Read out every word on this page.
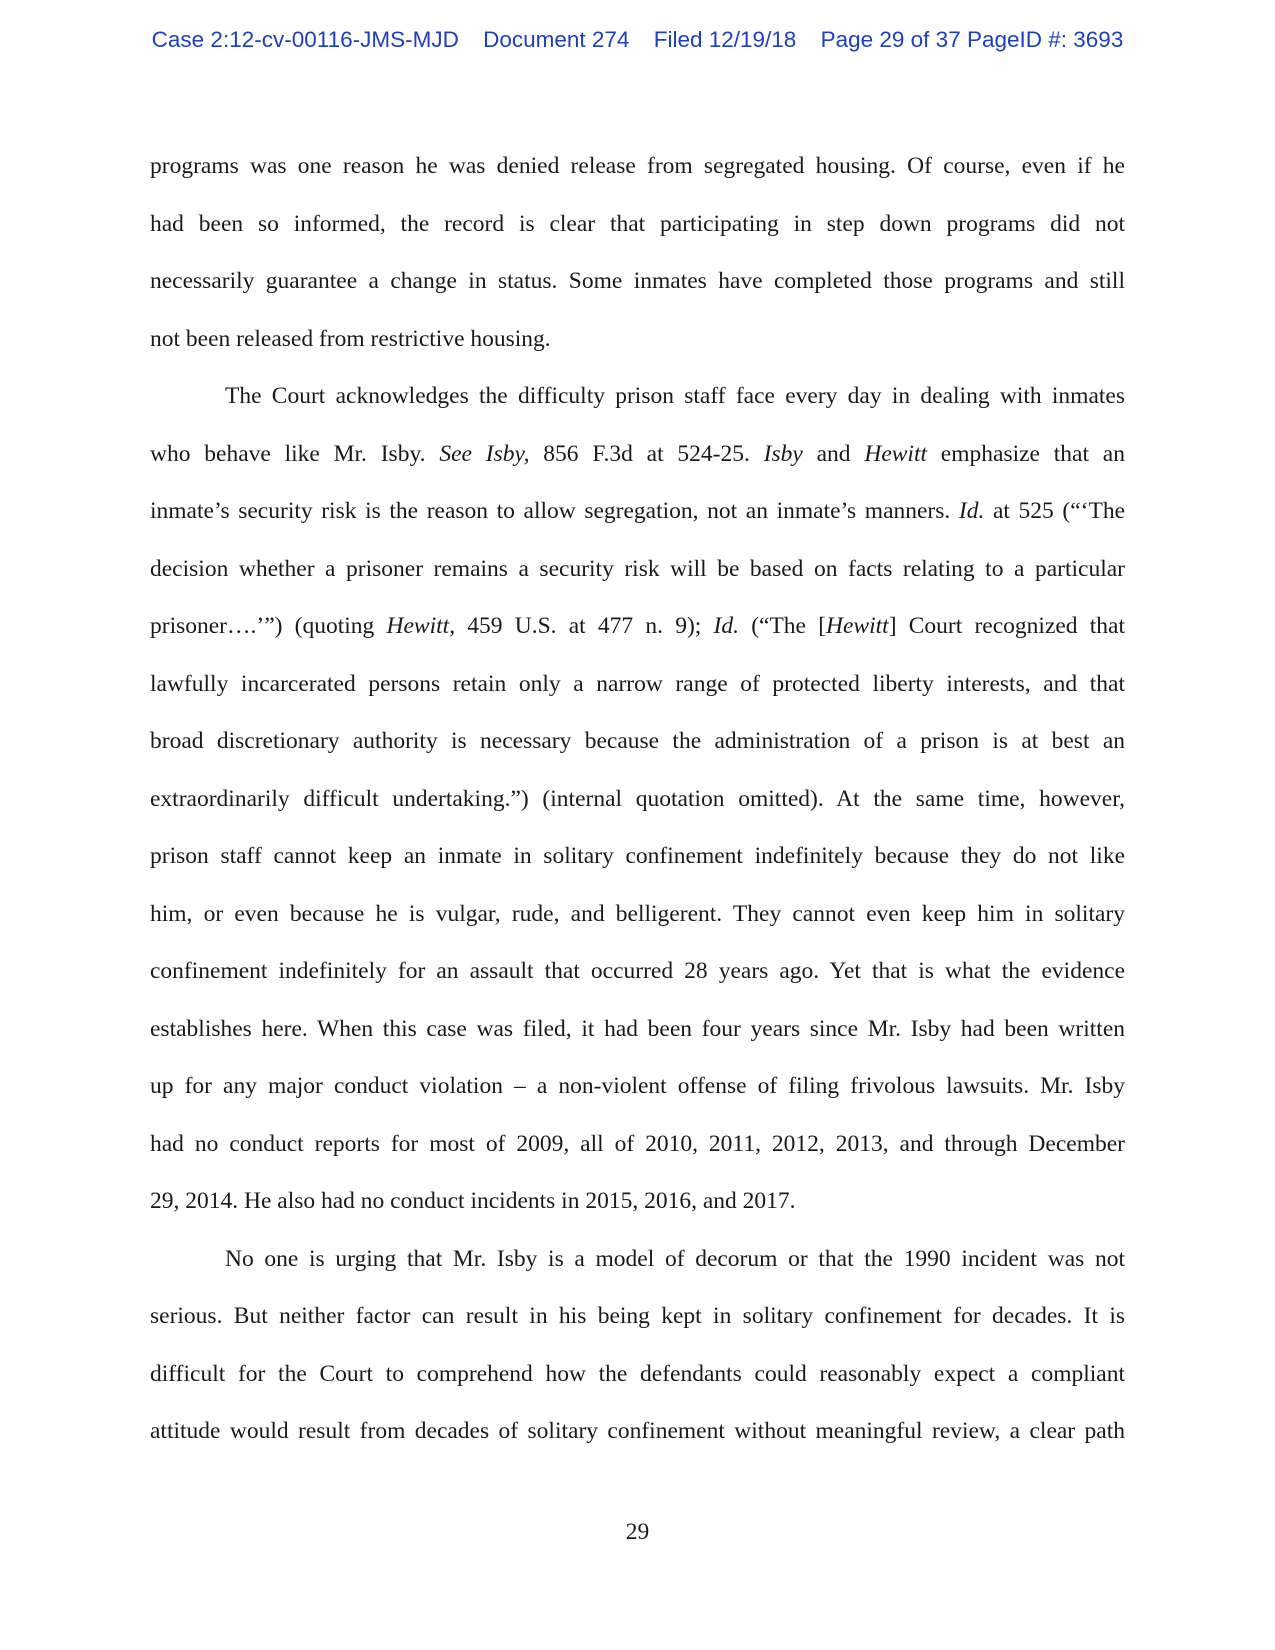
Case 2:12-cv-00116-JMS-MJD Document 274 Filed 12/19/18 Page 29 of 37 PageID #: 3693
programs was one reason he was denied release from segregated housing. Of course, even if he
had been so informed, the record is clear that participating in step down programs did not
necessarily guarantee a change in status. Some inmates have completed those programs and still
not been released from restrictive housing.
The Court acknowledges the difficulty prison staff face every day in dealing with inmates
who behave like Mr. Isby. See Isby, 856 F.3d at 524-25. Isby and Hewitt emphasize that an
inmate’s security risk is the reason to allow segregation, not an inmate’s manners. Id. at 525 (“‘The
decision whether a prisoner remains a security risk will be based on facts relating to a particular
prisoner….’”) (quoting Hewitt, 459 U.S. at 477 n. 9); Id. (“The [Hewitt] Court recognized that
lawfully incarcerated persons retain only a narrow range of protected liberty interests, and that
broad discretionary authority is necessary because the administration of a prison is at best an
extraordinarily difficult undertaking.”) (internal quotation omitted). At the same time, however,
prison staff cannot keep an inmate in solitary confinement indefinitely because they do not like
him, or even because he is vulgar, rude, and belligerent. They cannot even keep him in solitary
confinement indefinitely for an assault that occurred 28 years ago. Yet that is what the evidence
establishes here. When this case was filed, it had been four years since Mr. Isby had been written
up for any major conduct violation – a non-violent offense of filing frivolous lawsuits. Mr. Isby
had no conduct reports for most of 2009, all of 2010, 2011, 2012, 2013, and through December
29, 2014. He also had no conduct incidents in 2015, 2016, and 2017.
No one is urging that Mr. Isby is a model of decorum or that the 1990 incident was not
serious. But neither factor can result in his being kept in solitary confinement for decades. It is
difficult for the Court to comprehend how the defendants could reasonably expect a compliant
attitude would result from decades of solitary confinement without meaningful review, a clear path
29
